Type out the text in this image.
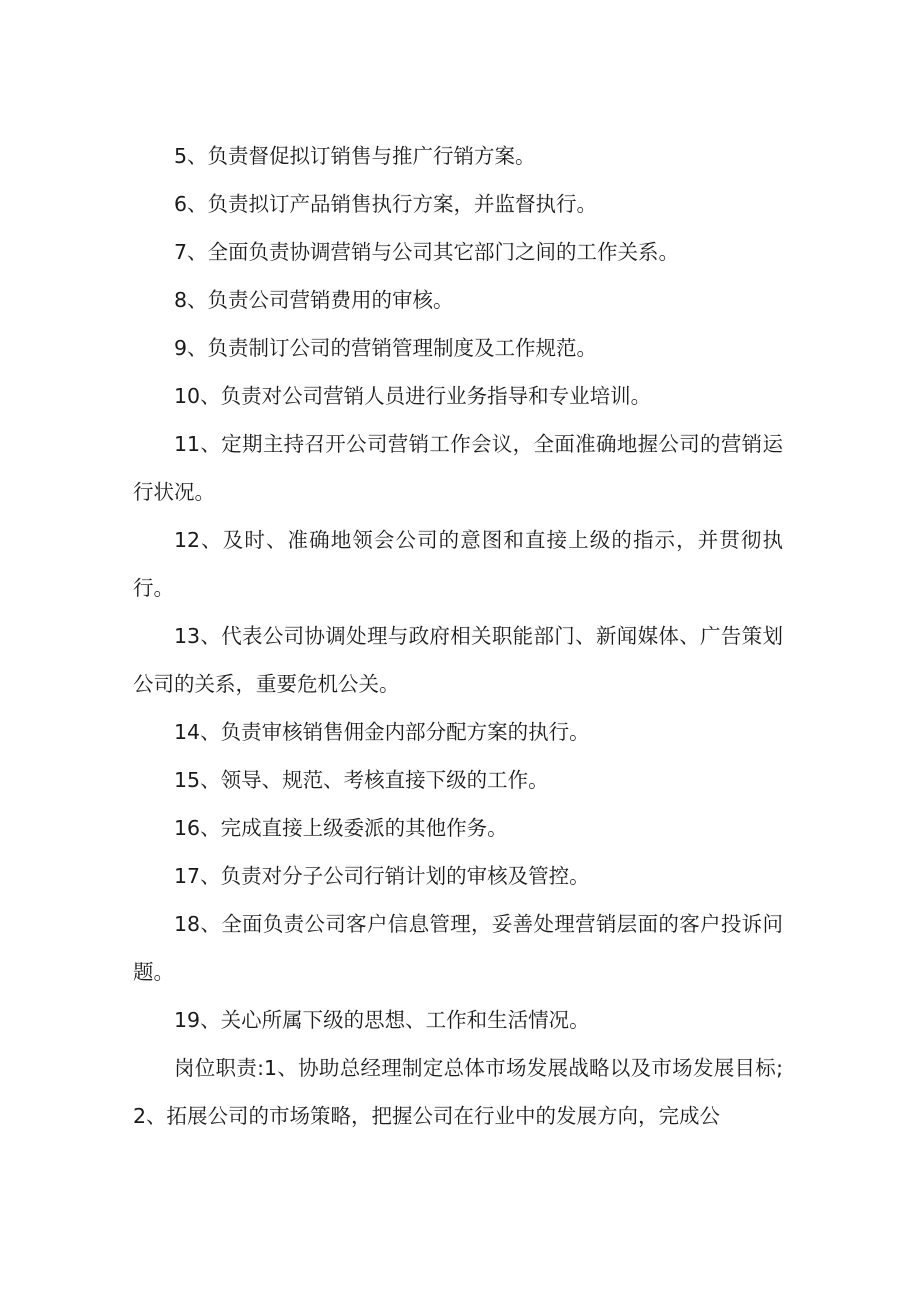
5、负责督促拟订销售与推广行销方案。

6、负责拟订产品销售执行方案，并监督执行。

7、全面负责协调营销与公司其它部门之间的工作关系。

8、负责公司营销费用的审核。

9、负责制订公司的营销管理制度及工作规范。

10、负责对公司营销人员进行业务指导和专业培训。

11、定期主持召开公司营销工作会议，全面准确地握公司的营销运行状况。

12、及时、准确地领会公司的意图和直接上级的指示，并贯彻执行。

13、代表公司协调处理与政府相关职能部门、新闻媒体、广告策划公司的关系，重要危机公关。

14、负责审核销售佣金内部分配方案的执行。

15、领导、规范、考核直接下级的工作。

16、完成直接上级委派的其他作务。

17、负责对分子公司行销计划的审核及管控。

18、全面负责公司客户信息管理，妥善处理营销层面的客户投诉问题。

19、关心所属下级的思想、工作和生活情况。

岗位职责:1、协助总经理制定总体市场发展战略以及市场发展目标;2、拓展公司的市场策略，把握公司在行业中的发展方向，完成公
